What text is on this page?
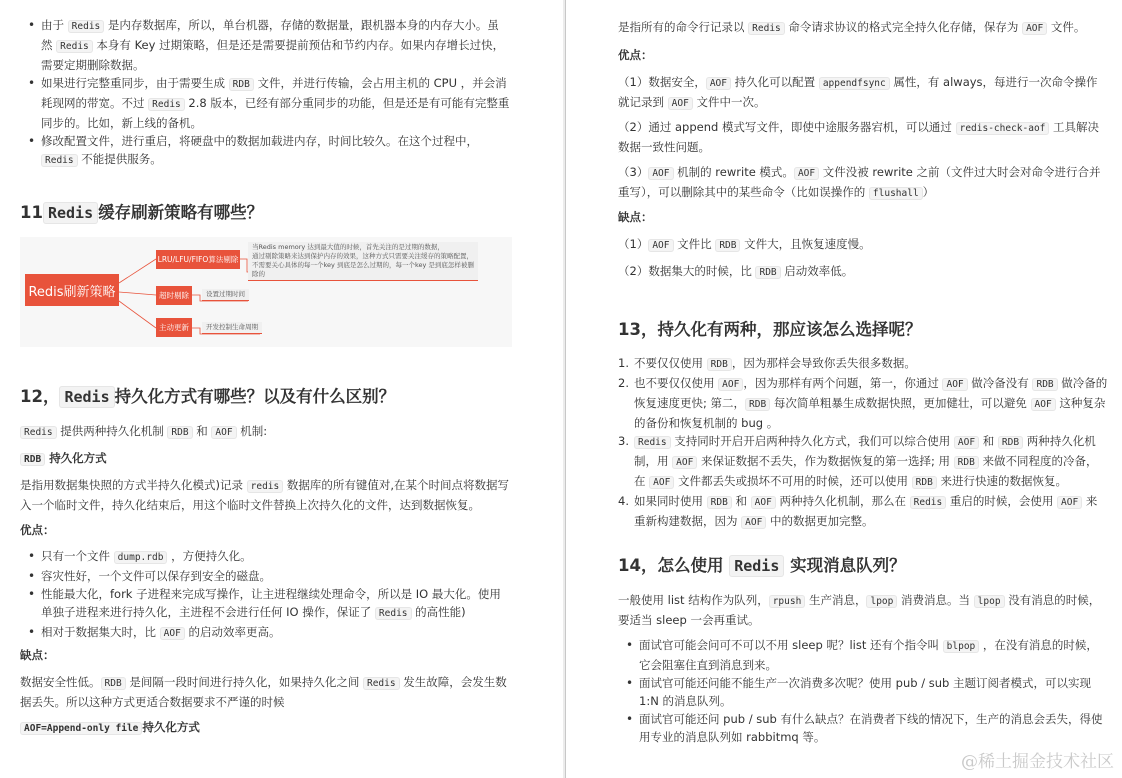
• 由于 Redis 是内存数据库，所以，单台机器，存储的数据量，跟机器本身的内存大小。虽然 Redis 本身有 Key 过期策略，但是还是需要提前预估和节约内存。如果内存增长过快，需要定期删除数据。
• 如果进行完整重同步，由于需要生成 RDB 文件，并进行传输，会占用主机的 CPU ，并会消耗现网的带宽。不过 Redis 2.8 版本，已经有部分重同步的功能，但是还是有可能有完整重同步的。比如，新上线的备机。
• 修改配置文件，进行重启，将硬盘中的数据加载进内存，时间比较久。在这个过程中，Redis 不能提供服务。
11 Redis 缓存刷新策略有哪些？
Redis刷新策略
LRU/LFU/FIFO算法剔除
超时剔除
主动更新
当Redis memory 达到最大值的时候，首先关注的是过期的数据，
通过剔除策略来达到保护内存的效果，这种方式只需要关注缓存的策略配置，
不需要关心具体的每一个key 到底是怎么过期的，每一个key 是到底怎样被删除的
设置过期时间
开发控制生命周期
12， Redis 持久化方式有哪些？以及有什么区别？

Redis 提供两种持久化机制 RDB 和 AOF 机制:

RDB 持久化方式

是指用数据集快照的方式半持久化模式)记录 redis 数据库的所有键值对,在某个时间点将数据写入一个临时文件，持久化结束后，用这个临时文件替换上次持久化的文件，达到数据恢复。

优点：

• 只有一个文件 dump.rdb ，方便持久化。
• 容灾性好，一个文件可以保存到安全的磁盘。
• 性能最大化，fork 子进程来完成写操作，让主进程继续处理命令，所以是 IO 最大化。使用单独子进程来进行持久化，主进程不会进行任何 IO 操作，保证了 Redis 的高性能)
• 相对于数据集大时，比 AOF 的启动效率更高。

缺点：

数据安全性低。 RDB 是间隔一段时间进行持久化，如果持久化之间 Redis 发生故障，会发生数据丢失。所以这种方式更适合数据要求不严谨的时候

AOF=Append-only file 持久化方式

是指所有的命令行记录以 Redis 命令请求协议的格式完全持久化存储，保存为 AOF 文件。

优点：

（1）数据安全， AOF 持久化可以配置 appendfsync 属性，有 always，每进行一次命令操作就记录到 AOF 文件中一次。

（2）通过 append 模式写文件，即使中途服务器宕机，可以通过 redis-check-aof 工具解决数据一致性问题。

（3） AOF 机制的 rewrite 模式。 AOF 文件没被 rewrite 之前（文件过大时会对命令进行合并重写），可以删除其中的某些命令（比如误操作的 flushall ）

缺点：

（1） AOF 文件比 RDB 文件大，且恢复速度慢。

（2）数据集大的时候，比 RDB 启动效率低。

13，持久化有两种，那应该怎么选择呢？
1. 不要仅仅使用 RDB ，因为那样会导致你丢失很多数据。
2. 也不要仅仅使用 AOF ，因为那样有两个问题，第一，你通过 AOF 做冷备没有 RDB 做冷备的恢复速度更快; 第二， RDB 每次简单粗暴生成数据快照，更加健壮，可以避免 AOF 这种复杂的备份和恢复机制的 bug 。
3. Redis 支持同时开启开启两种持久化方式，我们可以综合使用 AOF 和 RDB 两种持久化机制，用 AOF 来保证数据不丢失，作为数据恢复的第一选择; 用 RDB 来做不同程度的冷备，在 AOF 文件都丢失或损坏不可用的时候，还可以使用 RDB 来进行快速的数据恢复。
4. 如果同时使用 RDB 和 AOF 两种持久化机制，那么在 Redis 重启的时候，会使用 AOF 来重新构建数据，因为 AOF 中的数据更加完整。
14，怎么使用 Redis 实现消息队列？

一般使用 list 结构作为队列， rpush 生产消息， lpop 消费消息。当 lpop 没有消息的时候，要适当 sleep 一会再重试。

• 面试官可能会问可不可以不用 sleep 呢？list 还有个指令叫 blpop ，在没有消息的时候，它会阻塞住直到消息到来。
• 面试官可能还问能不能生产一次消费多次呢？使用 pub / sub 主题订阅者模式，可以实现 1:N 的消息队列。
• 面试官可能还问 pub / sub 有什么缺点？在消费者下线的情况下，生产的消息会丢失，得使用专业的消息队列如 rabbitmq 等。
@稀土掘金技术社区
